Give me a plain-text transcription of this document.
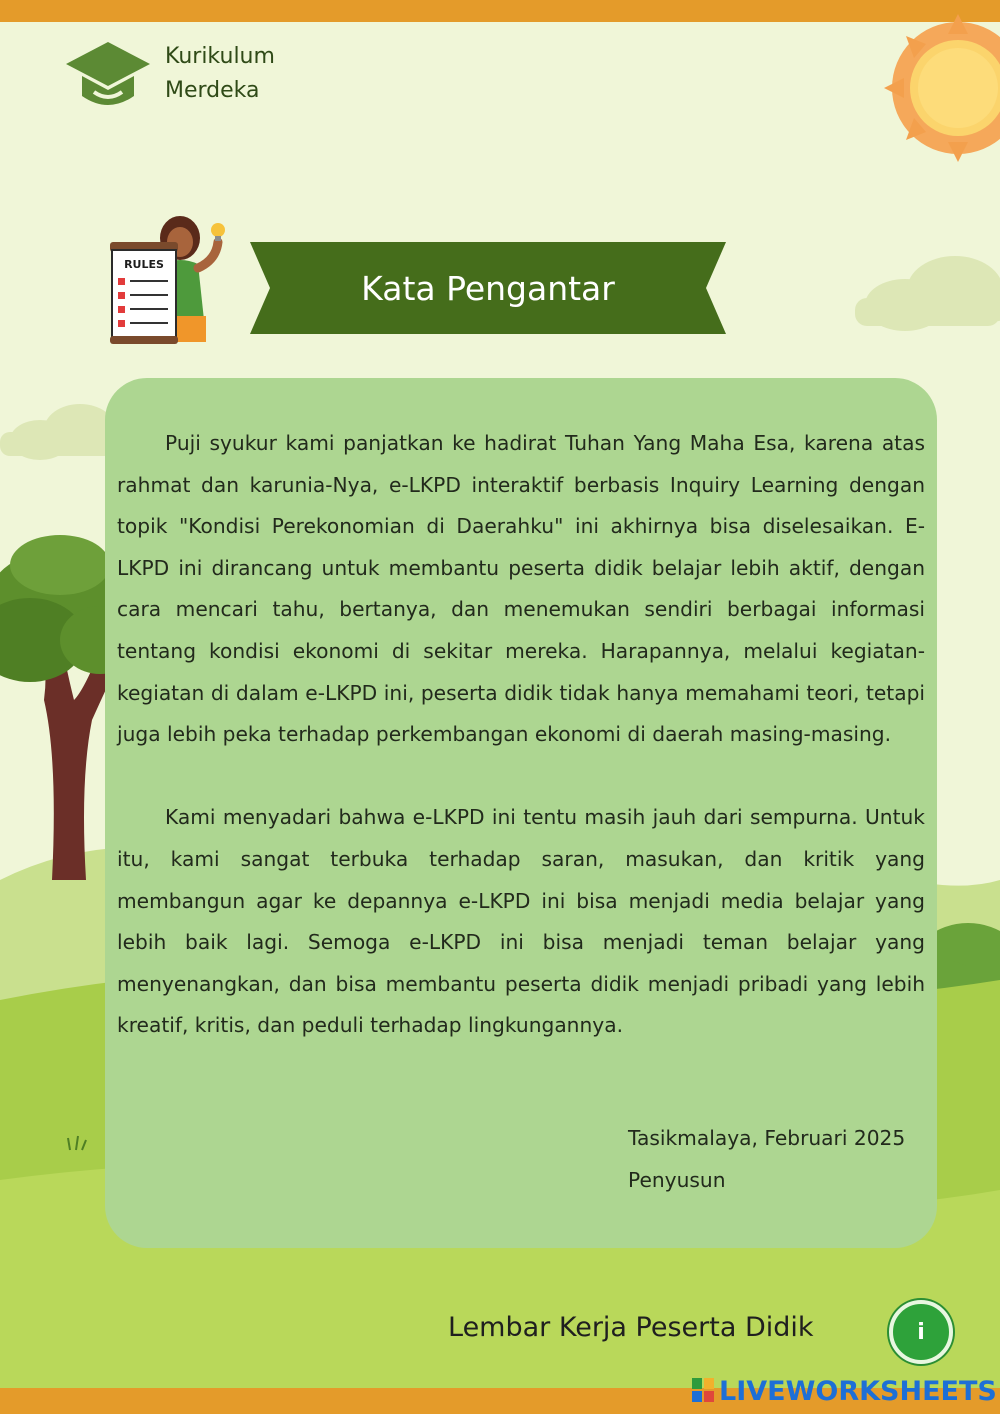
Kurikulum
Merdeka
RULES
Kata Pengantar

Puji syukur kami panjatkan ke hadirat Tuhan Yang Maha Esa, karena atas rahmat dan karunia-Nya, e-LKPD interaktif berbasis Inquiry Learning dengan topik "Kondisi Perekonomian di Daerahku" ini akhirnya bisa diselesaikan. E-LKPD ini dirancang untuk membantu peserta didik belajar lebih aktif, dengan cara mencari tahu, bertanya, dan menemukan sendiri berbagai informasi tentang kondisi ekonomi di sekitar mereka. Harapannya, melalui kegiatan-kegiatan di dalam e-LKPD ini, peserta didik tidak hanya memahami teori, tetapi juga lebih peka terhadap perkembangan ekonomi di daerah masing-masing.

Kami menyadari bahwa e-LKPD ini tentu masih jauh dari sempurna. Untuk itu, kami sangat terbuka terhadap saran, masukan, dan kritik yang membangun agar ke depannya e-LKPD ini bisa menjadi media belajar yang lebih baik lagi. Semoga e-LKPD ini bisa menjadi teman belajar yang menyenangkan, dan bisa membantu peserta didik menjadi pribadi yang lebih kreatif, kritis, dan peduli terhadap lingkungannya.

Tasikmalaya, Februari 2025
Penyusun
Lembar Kerja Peserta Didik	i
LIVEWORKSHEETS
